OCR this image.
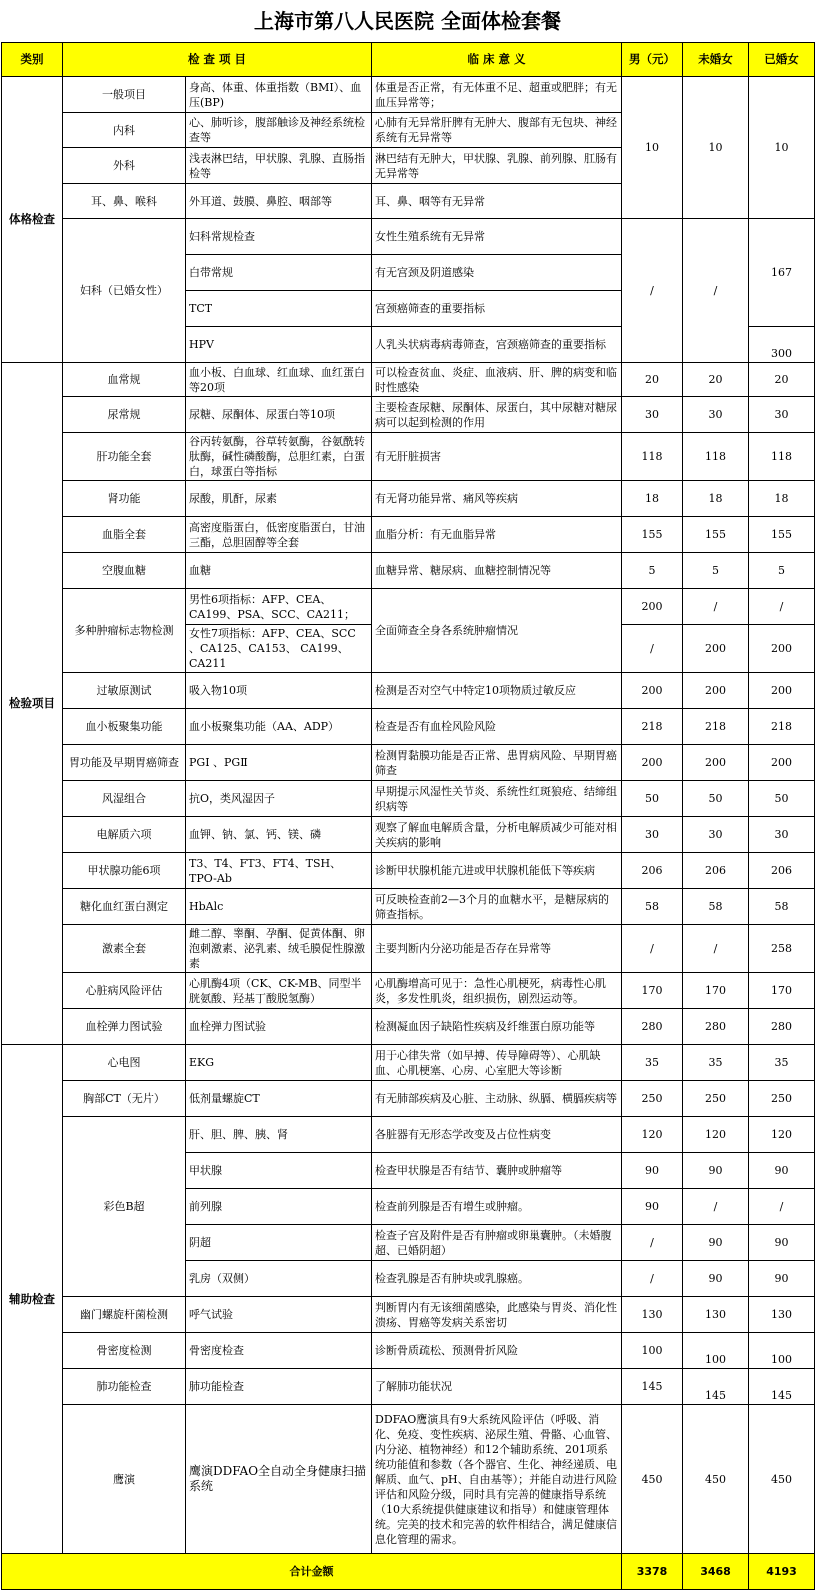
上海市第八人民医院 全面体检套餐
类别	检 查 项 目		临 床 意 义	男（元）	未婚女	已婚女
体格检查	一般项目	身高、体重、体重指数（BMI）、血压(BP)	体重是否正常，有无体重不足、超重或肥胖；有无血压异常等；	10	10	10
	内科	心、肺听诊，腹部触诊及神经系统检查等	心肺有无异常肝脾有无肿大、腹部有无包块、神经系统有无异常等			
	外科	浅表淋巴结，甲状腺、乳腺、直肠指检等	淋巴结有无肿大，甲状腺、乳腺、前列腺、肛肠有无异常等			
	耳、鼻、喉科	外耳道、鼓膜、鼻腔、咽部等	耳、鼻、咽等有无异常			
	妇科（已婚女性）	妇科常规检查	女性生殖系统有无异常	/	/	167
		白带常规	有无宫颈及阴道感染			
		TCT	宫颈癌筛查的重要指标			
		HPV	人乳头状病毒病毒筛查，宫颈癌筛查的重要指标			300
检验项目	血常规	血小板、白血球、红血球、血红蛋白等20项	可以检查贫血、炎症、血液病、肝、脾的病变和临时性感染	20	20	20
	尿常规	尿糖、尿酮体、尿蛋白等10项	主要检查尿糖、尿酮体、尿蛋白，其中尿糖对糖尿病可以起到检测的作用	30	30	30
	肝功能全套	谷丙转氨酶，谷草转氨酶，谷氨酰转肽酶，碱性磷酸酶，总胆红素，白蛋白，球蛋白等指标	有无肝脏损害	118	118	118
	肾功能	尿酸，肌酐，尿素	有无肾功能异常、痛风等疾病	18	18	18
	血脂全套	高密度脂蛋白，低密度脂蛋白，甘油三酯，总胆固醇等全套	血脂分析：有无血脂异常	155	155	155
	空腹血糖	血糖	血糖异常、糖尿病、血糖控制情况等	5	5	5
	多种肿瘤标志物检测	男性6项指标：AFP、CEA、CA199、PSA、SCC、CA211；	全面筛查全身各系统肿瘤情况	200	/	/
		女性7项指标：AFP、CEA、SCC 、CA125、CA153、 CA199、CA211		/	200	200
	过敏原测试	吸入物10项	检测是否对空气中特定10项物质过敏反应	200	200	200
	血小板聚集功能	血小板聚集功能（AA、ADP）	检查是否有血栓风险风险	218	218	218
	胃功能及早期胃癌筛查	PGⅠ 、PGⅡ	检测胃黏膜功能是否正常、患胃病风险、早期胃癌筛查	200	200	200
	风湿组合	抗O，类风湿因子	早期提示风湿性关节炎、系统性红斑狼疮、结缔组织病等	50	50	50
	电解质六项	血钾、钠、氯、钙、镁、磷	观察了解血电解质含量，分析电解质减少可能对相关疾病的影响	30	30	30
	甲状腺功能6项	T3、T4、FT3、FT4、TSH、TPO-Ab	诊断甲状腺机能亢进或甲状腺机能低下等疾病	206	206	206
	糖化血红蛋白测定	HbAlc	可反映检查前2—3个月的血糖水平，是糖尿病的筛查指标。	58	58	58
	激素全套	雌二醇、睾酮、孕酮、促黄体酮、卵泡刺激素、泌乳素、绒毛膜促性腺激素	主要判断内分泌功能是否存在异常等	/	/	258
	心脏病风险评估	心肌酶4项（CK、CK-MB、同型半胱氨酸、羟基丁酸脱氢酶）	心肌酶增高可见于：急性心肌梗死，病毒性心肌炎，多发性肌炎，组织损伤，剧烈运动等。	170	170	170
	血栓弹力图试验	血栓弹力图试验	检测凝血因子缺陷性疾病及纤维蛋白原功能等	280	280	280
辅助检查	心电图	EKG	用于心律失常（如早搏、传导障碍等）、心肌缺血、心肌梗塞、心房、心室肥大等诊断	35	35	35
	胸部CT（无片）	低剂量螺旋CT	有无肺部疾病及心脏、主动脉、纵膈、横膈疾病等	250	250	250
	彩色B超	肝、胆、脾、胰、肾	各脏器有无形态学改变及占位性病变	120	120	120
		甲状腺	检查甲状腺是否有结节、囊肿或肿瘤等	90	90	90
		前列腺	检查前列腺是否有增生或肿瘤。	90	/	/
		阴超	检查子宫及附件是否有肿瘤或卵巢囊肿。（未婚腹超、已婚阴超）	/	90	90
		乳房（双侧）	检查乳腺是否有肿块或乳腺癌。	/	90	90
	幽门螺旋杆菌检测	呼气试验	判断胃内有无该细菌感染，此感染与胃炎、消化性溃疡、胃癌等发病关系密切	130	130	130
	骨密度检测	骨密度检查	诊断骨质疏松、预测骨折风险	100	100	100
	肺功能检查	肺功能检查	了解肺功能状况	145	145	145
	鹰演	鹰演DDFAO全自动全身健康扫描系统	DDFAO鹰演具有9大系统风险评估（呼吸、消化、免疫、变性疾病、泌尿生殖、骨骼、心血管、内分泌、植物神经）和12个辅助系统、201项系统功能值和参数（各个器官、生化、神经递质、电解质、血气、pH、自由基等）；并能自动进行风险评估和风险分级，同时具有完善的健康指导系统（10大系统提供健康建议和指导）和健康管理体统。完美的技术和完善的软件相结合，满足健康信息化管理的需求。	450	450	450
合计金额				3378	3468	4193
